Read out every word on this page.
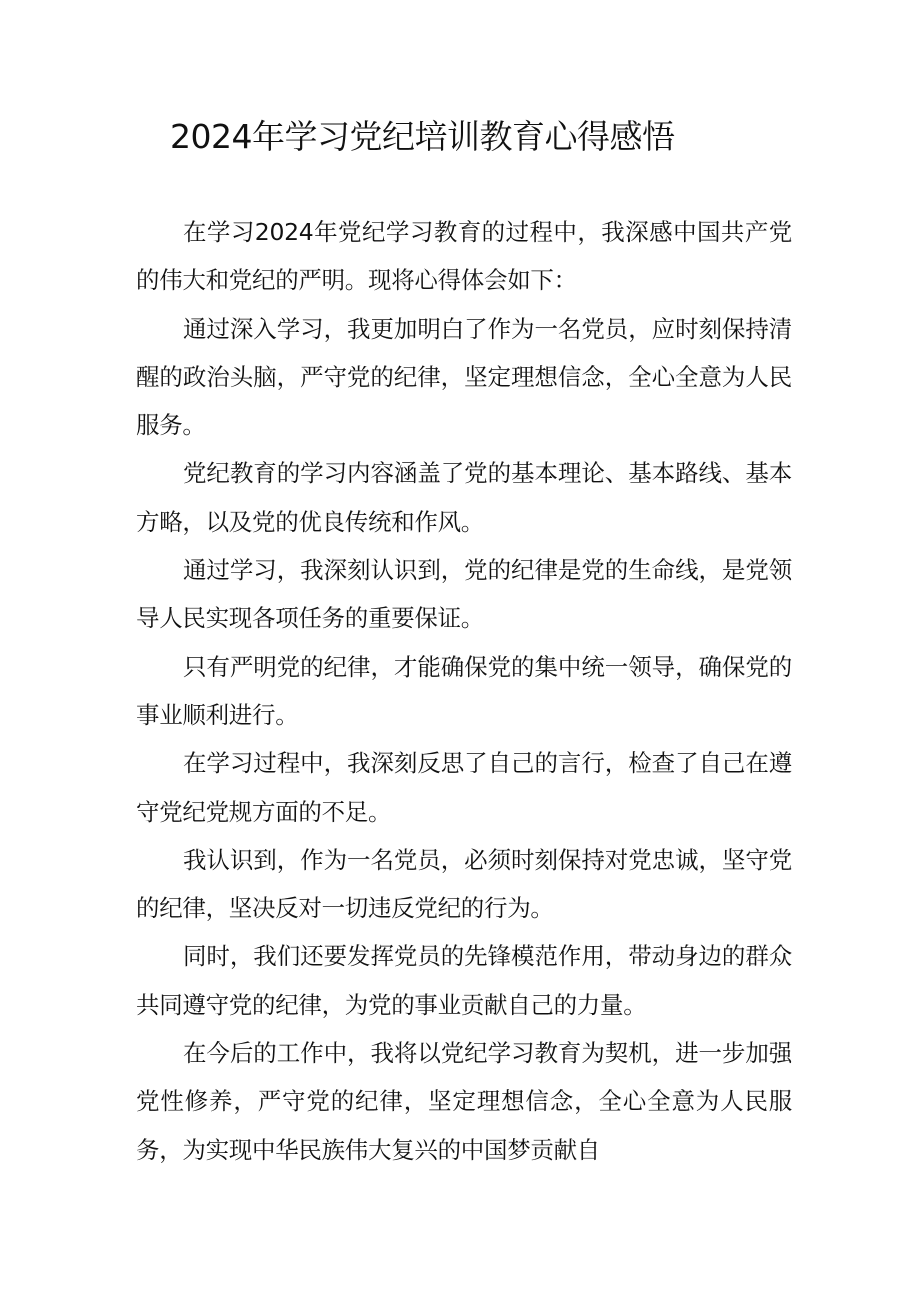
2024年学习党纪培训教育心得感悟

在学习2024年党纪学习教育的过程中，我深感中国共产党的伟大和党纪的严明。现将心得体会如下：

通过深入学习，我更加明白了作为一名党员，应时刻保持清醒的政治头脑，严守党的纪律，坚定理想信念，全心全意为人民服务。

党纪教育的学习内容涵盖了党的基本理论、基本路线、基本方略，以及党的优良传统和作风。

通过学习，我深刻认识到，党的纪律是党的生命线，是党领导人民实现各项任务的重要保证。

只有严明党的纪律，才能确保党的集中统一领导，确保党的事业顺利进行。

在学习过程中，我深刻反思了自己的言行，检查了自己在遵守党纪党规方面的不足。

我认识到，作为一名党员，必须时刻保持对党忠诚，坚守党的纪律，坚决反对一切违反党纪的行为。

同时，我们还要发挥党员的先锋模范作用，带动身边的群众共同遵守党的纪律，为党的事业贡献自己的力量。

在今后的工作中，我将以党纪学习教育为契机，进一步加强党性修养，严守党的纪律，坚定理想信念，全心全意为人民服务，为实现中华民族伟大复兴的中国梦贡献自
